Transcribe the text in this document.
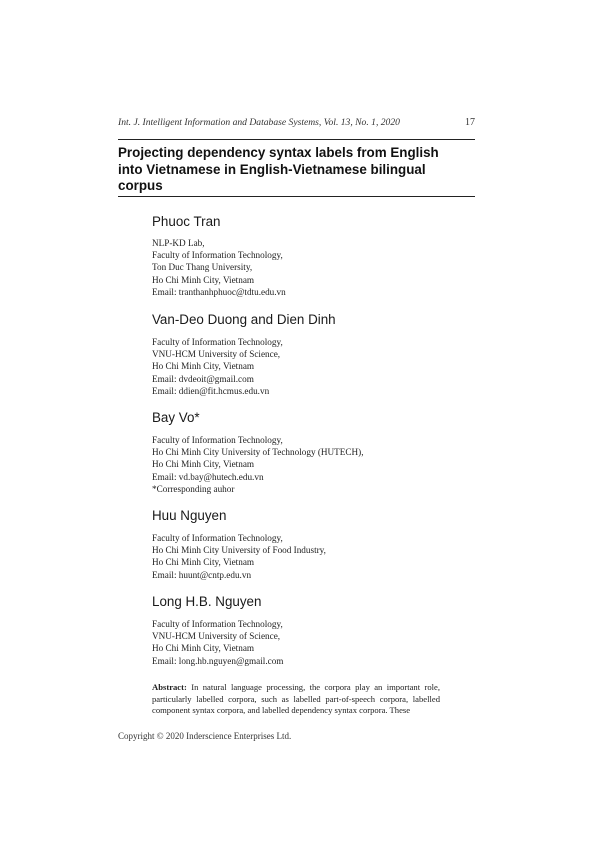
Int. J. Intelligent Information and Database Systems, Vol. 13, No. 1, 2020	17
Projecting dependency syntax labels from English
into Vietnamese in English-Vietnamese bilingual
corpus
Phuoc Tran
NLP-KD Lab,
Faculty of Information Technology,
Ton Duc Thang University,
Ho Chi Minh City, Vietnam
Email: tranthanhphuoc@tdtu.edu.vn
Van-Deo Duong and Dien Dinh
Faculty of Information Technology,
VNU-HCM University of Science,
Ho Chi Minh City, Vietnam
Email: dvdeoit@gmail.com
Email: ddien@fit.hcmus.edu.vn
Bay Vo*
Faculty of Information Technology,
Ho Chi Minh City University of Technology (HUTECH),
Ho Chi Minh City, Vietnam
Email: vd.bay@hutech.edu.vn
*Corresponding auhor
Huu Nguyen
Faculty of Information Technology,
Ho Chi Minh City University of Food Industry,
Ho Chi Minh City, Vietnam
Email: huunt@cntp.edu.vn
Long H.B. Nguyen
Faculty of Information Technology,
VNU-HCM University of Science,
Ho Chi Minh City, Vietnam
Email: long.hb.nguyen@gmail.com
Abstract: In natural language processing, the corpora play an important role, particularly labelled corpora, such as labelled part-of-speech corpora, labelled component syntax corpora, and labelled dependency syntax corpora. These
Copyright © 2020 Inderscience Enterprises Ltd.
